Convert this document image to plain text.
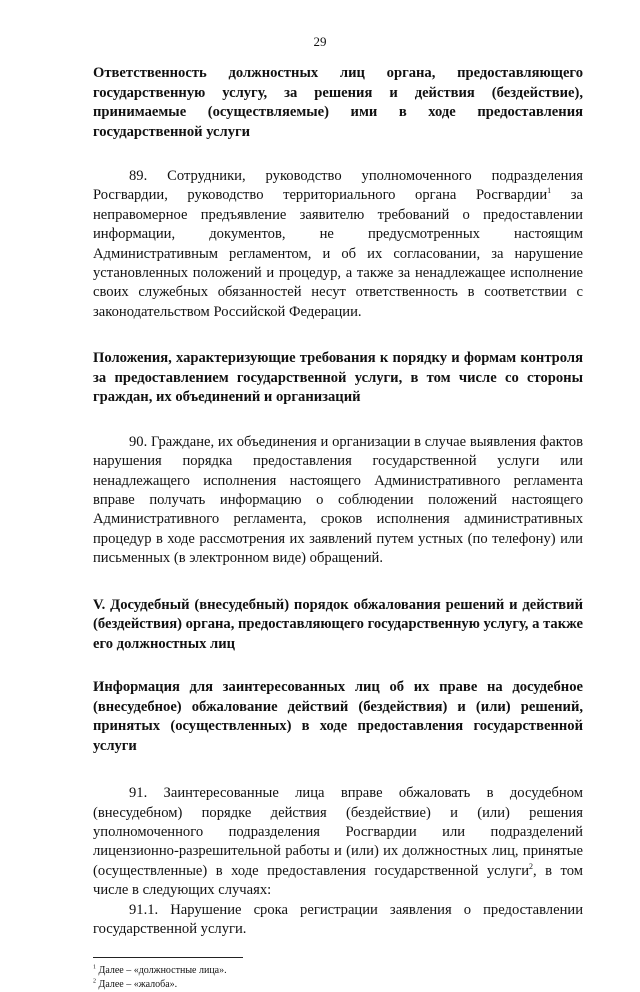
29

Ответственность должностных лиц органа, предоставляющего государственную услугу, за решения и действия (бездействие), принимаемые (осуществляемые) ими в ходе предоставления государственной услуги

89. Сотрудники, руководство уполномоченного подразделения Росгвардии, руководство территориального органа Росгвардии$^1$ за неправомерное предъявление заявителю требований о предоставлении информации, документов, не предусмотренных настоящим Административным регламентом, и об их согласовании, за нарушение установленных положений и процедур, а также за ненадлежащее исполнение своих служебных обязанностей несут ответственность в соответствии с законодательством Российской Федерации.

Положения, характеризующие требования к порядку и формам контроля за предоставлением государственной услуги, в том числе со стороны граждан, их объединений и организаций

90. Граждане, их объединения и организации в случае выявления фактов нарушения порядка предоставления государственной услуги или ненадлежащего исполнения настоящего Административного регламента вправе получать информацию о соблюдении положений настоящего Административного регламента, сроков исполнения административных процедур в ходе рассмотрения их заявлений путем устных (по телефону) или письменных (в электронном виде) обращений.

V. Досудебный (внесудебный) порядок обжалования решений и действий (бездействия) органа, предоставляющего государственную услугу, а также его должностных лиц

Информация для заинтересованных лиц об их праве на досудебное (внесудебное) обжалование действий (бездействия) и (или) решений, принятых (осуществленных) в ходе предоставления государственной услуги

91. Заинтересованные лица вправе обжаловать в досудебном (внесудебном) порядке действия (бездействие) и (или) решения уполномоченного подразделения Росгвардии или подразделений лицензионно-разрешительной работы и (или) их должностных лиц, принятые (осуществленные) в ходе предоставления государственной услуги$^2$, в том числе в следующих случаях:

91.1. Нарушение срока регистрации заявления о предоставлении государственной услуги.

$^1$ Далее – «должностные лица».

$^2$ Далее – «жалоба».
